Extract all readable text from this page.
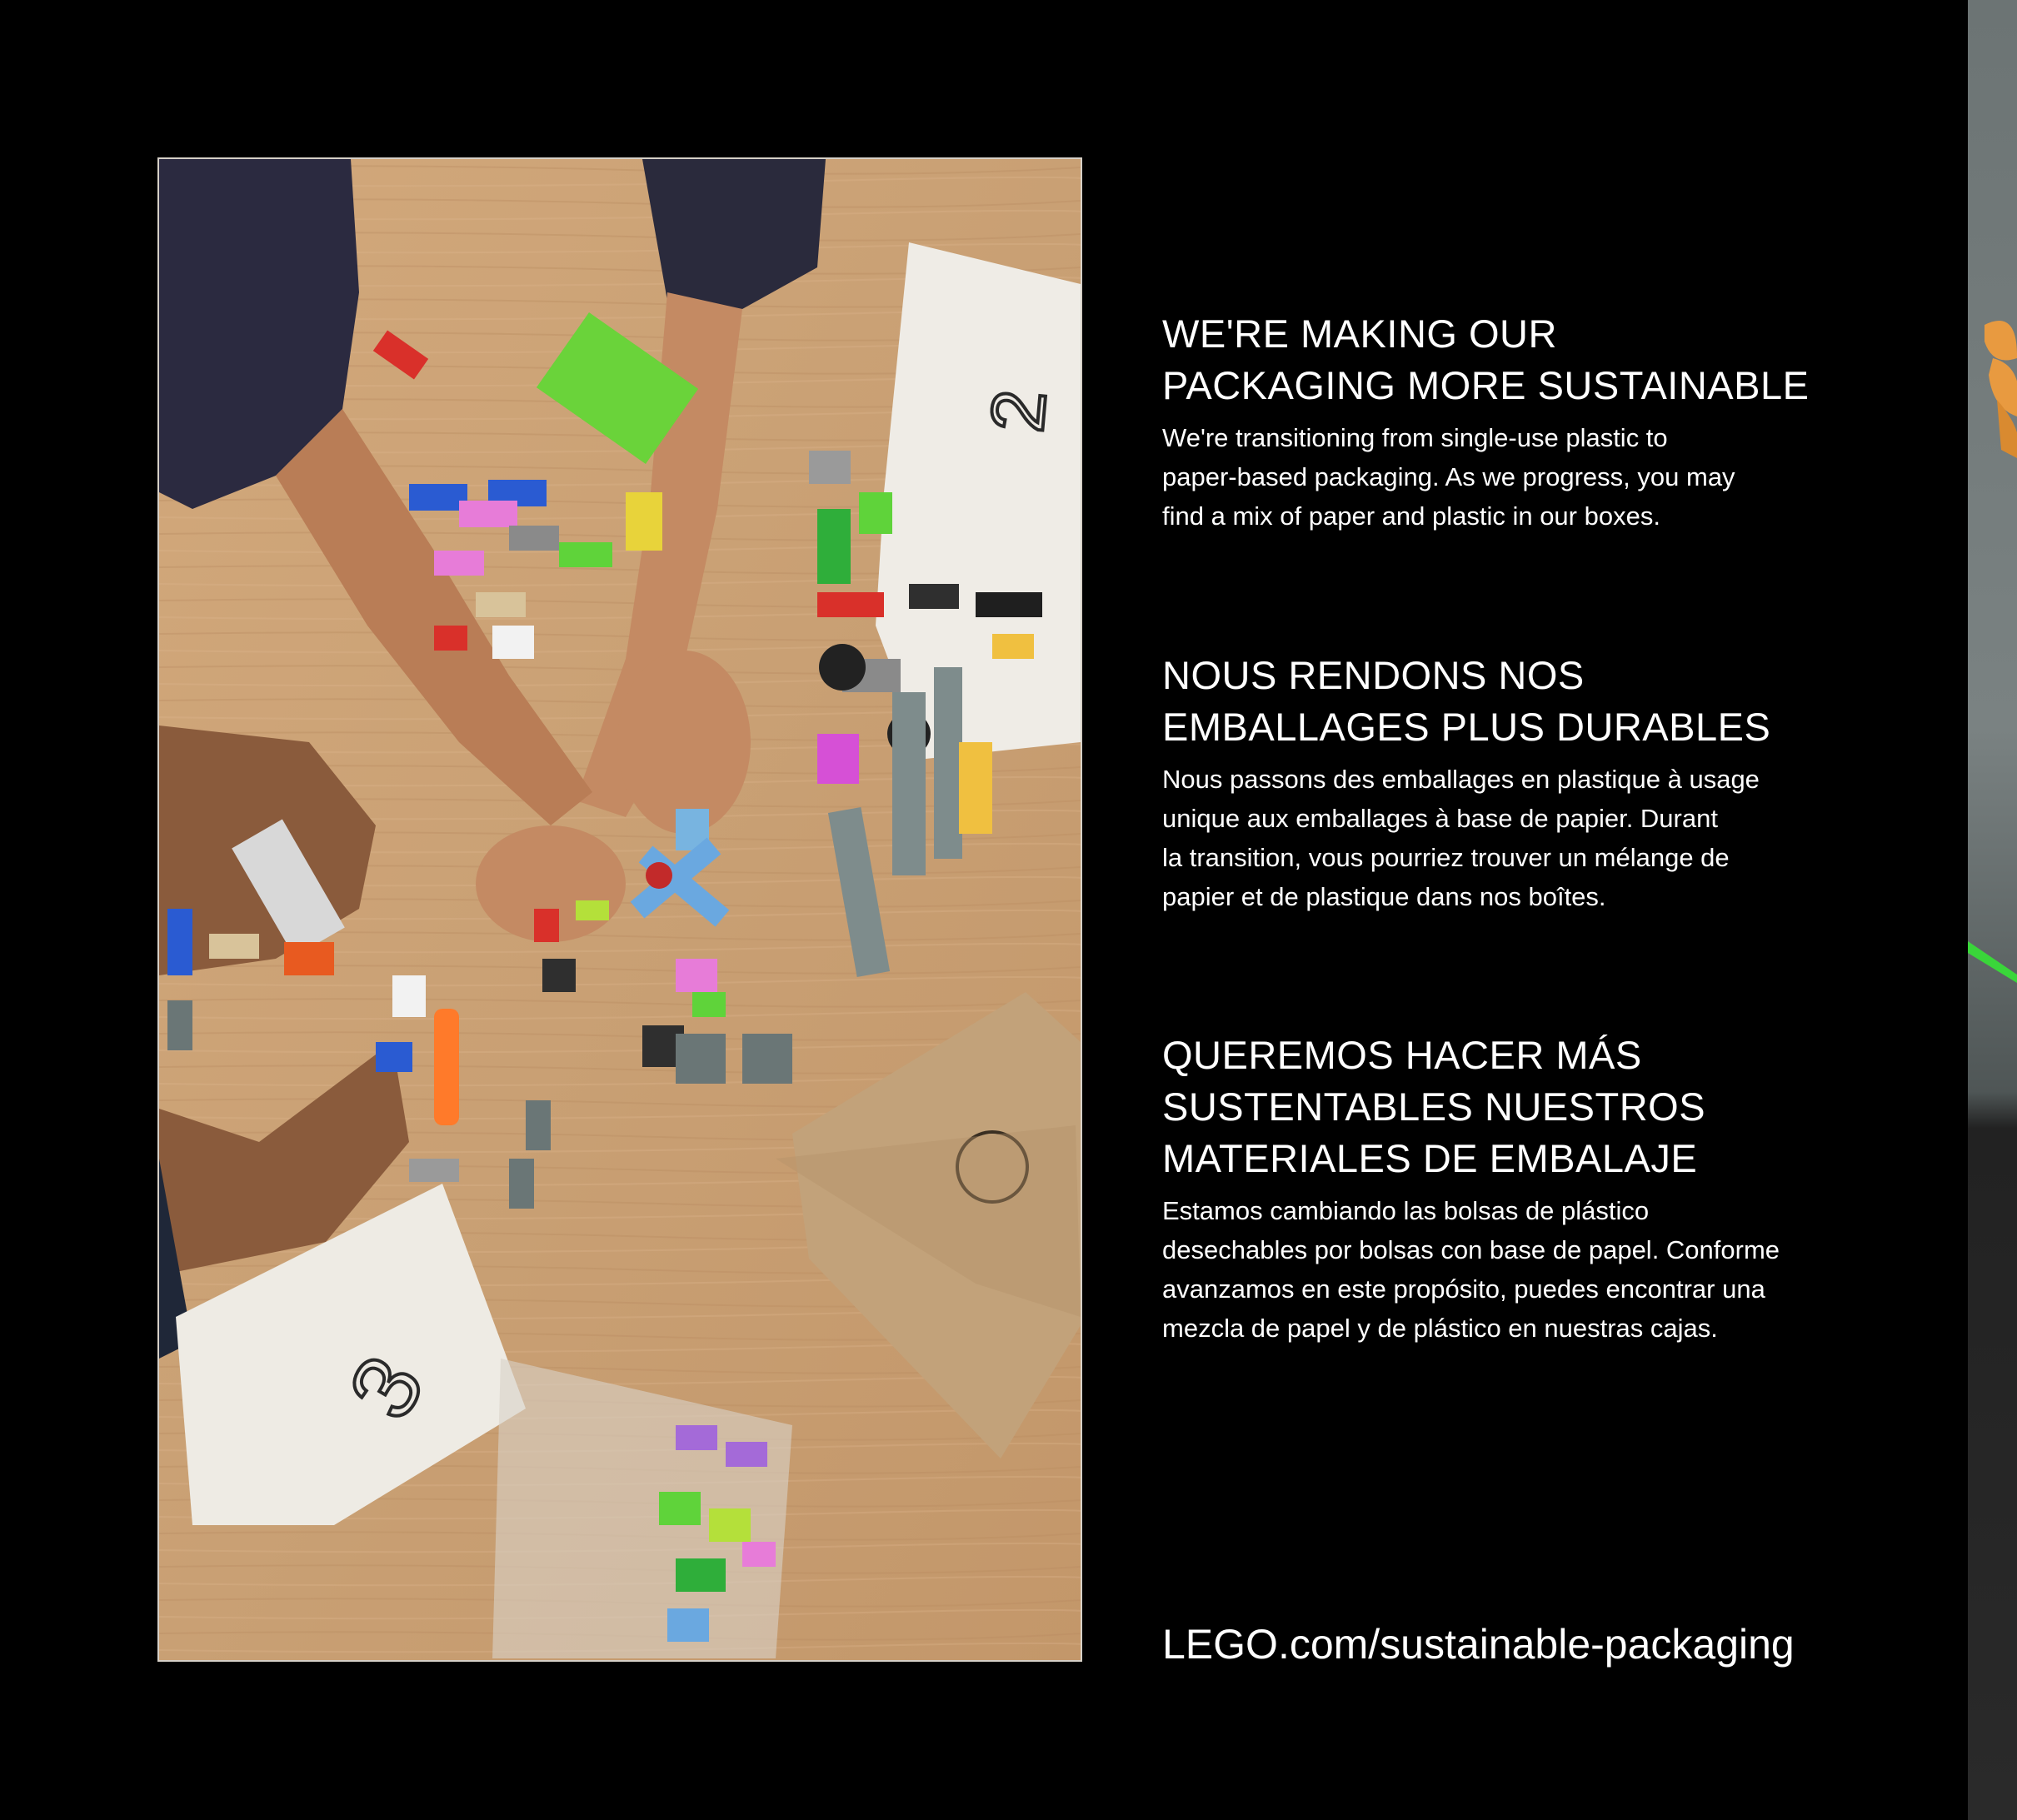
3
2
WE'RE MAKING OUR
PACKAGING MORE SUSTAINABLE

We're transitioning from single-use plastic to
paper-based packaging. As we progress, you may
find a mix of paper and plastic in our boxes.

NOUS RENDONS NOS
EMBALLAGES PLUS DURABLES

Nous passons des emballages en plastique à usage
unique aux emballages à base de papier. Durant
la transition, vous pourriez trouver un mélange de
papier et de plastique dans nos boîtes.

QUEREMOS HACER MÁS
SUSTENTABLES NUESTROS
MATERIALES DE EMBALAJE

Estamos cambiando las bolsas de plástico
desechables por bolsas con base de papel. Conforme
avanzamos en este propósito, puedes encontrar una
mezcla de papel y de plástico en nuestras cajas.

LEGO.com/sustainable-packaging
